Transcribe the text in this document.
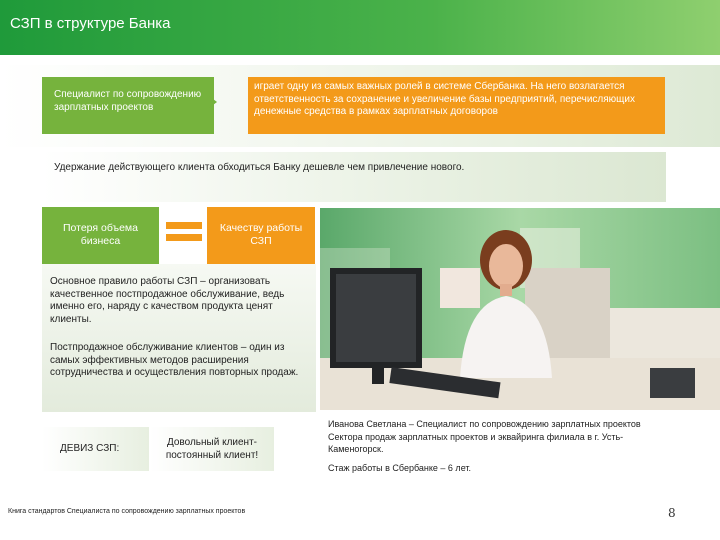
СЗП в структуре Банка
Специалист по сопровождению зарплатных проектов
играет одну из самых важных ролей в системе Сбербанка. На него возлагается ответственность за сохранение и увеличение базы предприятий, перечисляющих денежные средства в рамках зарплатных договоров
Удержание действующего клиента обходиться Банку дешевле чем привлечение нового.
Потеря объема бизнеса
Качеству работы СЗП
Основное правило работы СЗП – организовать качественное постпродажное обслуживание, ведь именно его, наряду с качеством продукта ценят клиенты.
Постпродажное обслуживание клиентов – один из самых эффективных методов расширения сотрудничества и осуществления повторных продаж.
ДЕВИЗ СЗП:
Довольный клиент- постоянный клиент!

Иванова Светлана – Специалист по сопровождению зарплатных проектов Сектора продаж зарплатных проектов и эквайринга филиала в г. Усть-Каменогорск.

Стаж работы в Сбербанке – 6 лет.

Книга стандартов Специалиста по сопровождению зарплатных проектов	8
